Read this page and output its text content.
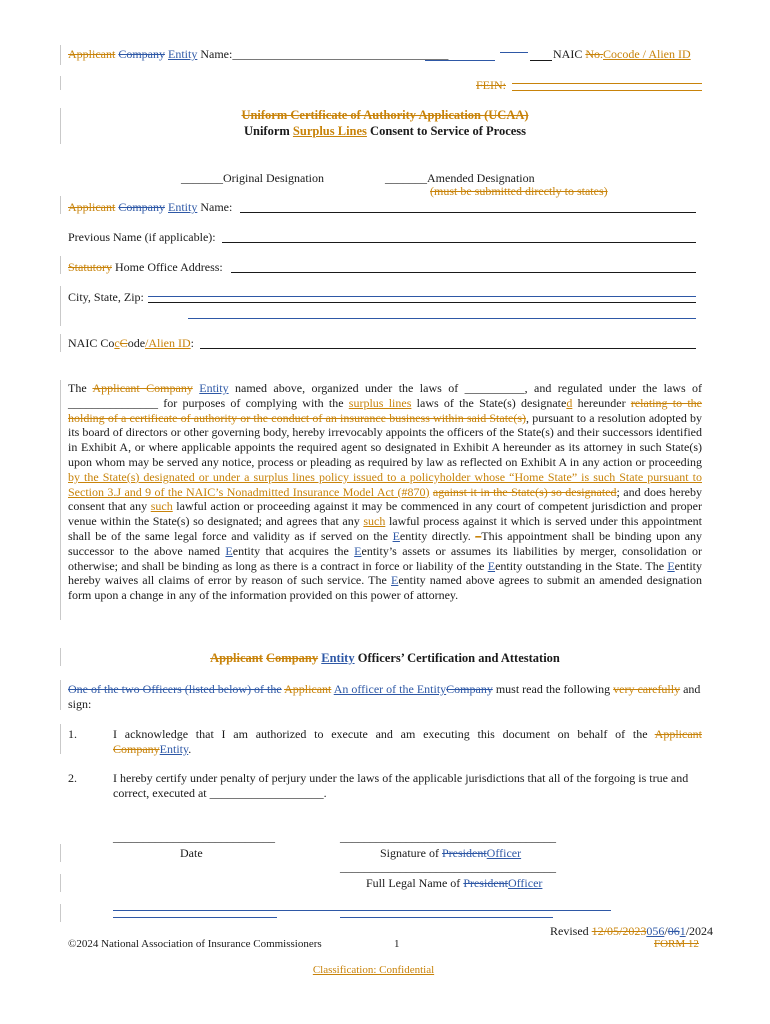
Applicant Company Entity Name:____________________________________	NAIC No.Cocode / Alien ID
FEIN:
Uniform Certificate of Authority Application (UCAA)
Uniform Surplus Lines Consent to Service of Process
_______Original Designation	_______Amended Designation
(must be submitted directly to states)
Applicant Company Entity Name:
Previous Name (if applicable):
Statutory Home Office Address:
City, State, Zip:
NAIC CocCode/Alien ID:

The Applicant Company Entity named above, organized under the laws of __________, and regulated under the laws of _______________ for purposes of complying with the surplus lines laws of the State(s) designated hereunder relating to the holding of a certificate of authority or the conduct of an insurance business within said State(s), pursuant to a resolution adopted by its board of directors or other governing body, hereby irrevocably appoints the officers of the State(s) and their successors identified in Exhibit A, or where applicable appoints the required agent so designated in Exhibit A hereunder as its attorney in such State(s) upon whom may be served any notice, process or pleading as required by law as reflected on Exhibit A in any action or proceeding by the State(s) designated or under a surplus lines policy issued to a policyholder whose “Home State” is such State pursuant to Section 3.J and 9 of the NAIC’s Nonadmitted Insurance Model Act (#870) against it in the State(s) so designated; and does hereby consent that any such lawful action or proceeding against it may be commenced in any court of competent jurisdiction and proper venue within the State(s) so designated; and agrees that any such lawful process against it which is served under this appointment shall be of the same legal force and validity as if served on the Eentity directly. –This appointment shall be binding upon any successor to the above named Eentity that acquires the Eentity’s assets or assumes its liabilities by merger, consolidation or otherwise; and shall be binding as long as there is a contract in force or liability of the Eentity outstanding in the State. The Eentity hereby waives all claims of error by reason of such service. The Eentity named above agrees to submit an amended designation form upon a change in any of the information provided on this power of attorney.

Applicant Company Entity Officers’ Certification and Attestation

One of the two Officers (listed below) of the Applicant An officer of the EntityCompany must read the following very carefully and sign:

1.	I acknowledge that I am authorized to execute and am executing this document on behalf of the Applicant CompanyEntity.

2.	I hereby certify under penalty of perjury under the laws of the applicable jurisdictions that all of the forgoing is true and correct, executed at ___________________.

___________________________
Date
____________________________________
Signature of PresidentOfficer
____________________________________
Full Legal Name of PresidentOfficer
Revised 12/05/2023056/061/2024
©2024 National Association of Insurance Commissioners	1	FORM 12
Classification: Confidential
